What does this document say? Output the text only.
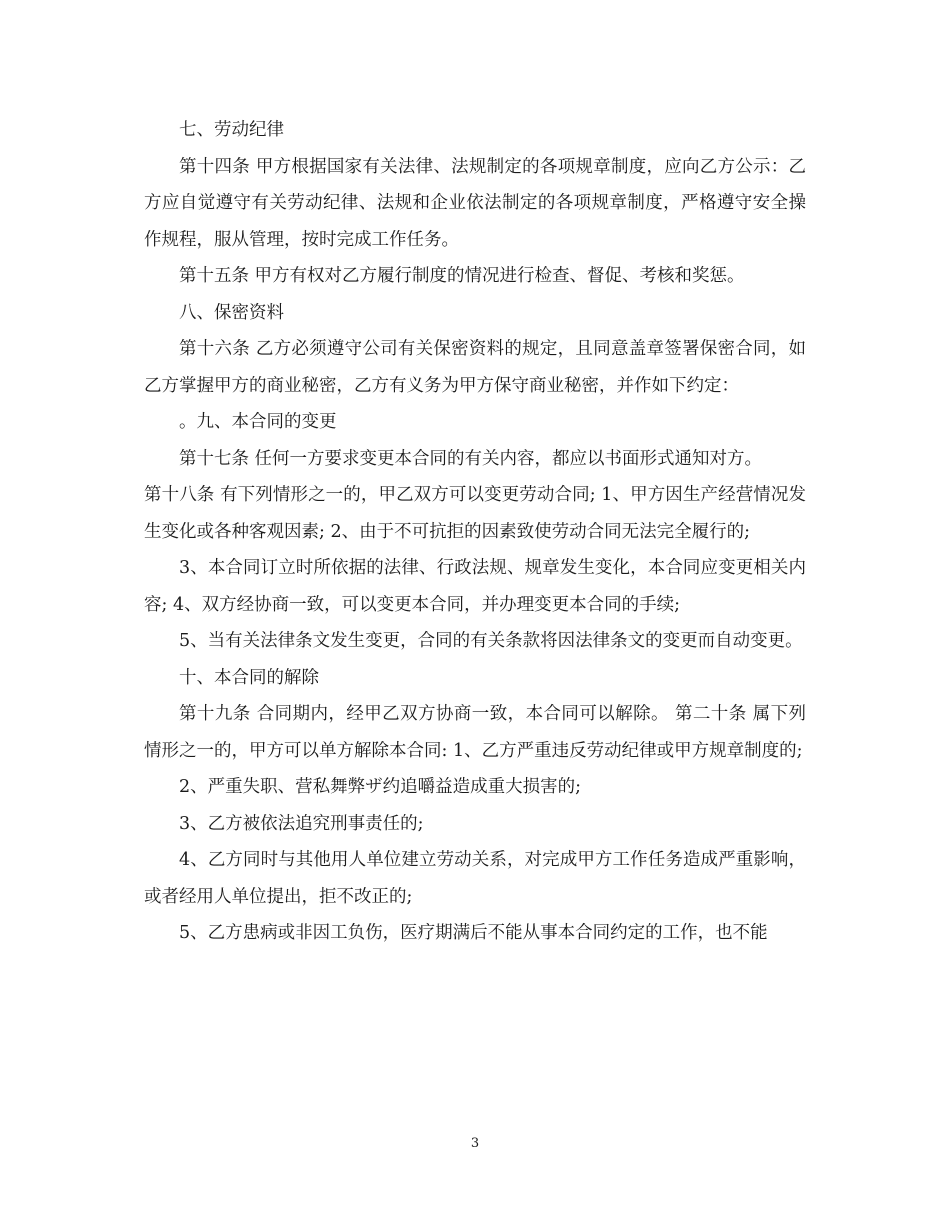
七、劳动纪律

第十四条 甲方根据国家有关法律、法规制定的各项规章制度，应向乙方公示：乙方应自觉遵守有关劳动纪律、法规和企业依法制定的各项规章制度，严格遵守安全操作规程，服从管理，按时完成工作任务。

第十五条 甲方有权对乙方履行制度的情况进行检查、督促、考核和奖惩。

八、保密资料

第十六条 乙方必须遵守公司有关保密资料的规定，且同意盖章签署保密合同，如乙方掌握甲方的商业秘密，乙方有义务为甲方保守商业秘密，并作如下约定：

。九、本合同的变更

第十七条 任何一方要求变更本合同的有关内容，都应以书面形式通知对方。

第十八条 有下列情形之一的，甲乙双方可以变更劳动合同; 1、甲方因生产经营情况发生变化或各种客观因素; 2、由于不可抗拒的因素致使劳动合同无法完全履行的;

3、本合同订立时所依据的法律、行政法规、规章发生变化，本合同应变更相关内容; 4、双方经协商一致，可以变更本合同，并办理变更本合同的手续;

5、当有关法律条文发生变更，合同的有关条款将因法律条文的变更而自动变更。

十、本合同的解除

第十九条 合同期内，经甲乙双方协商一致，本合同可以解除。 第二十条 属下列情形之一的，甲方可以单方解除本合同: 1、乙方严重违反劳动纪律或甲方规章制度的;

2、严重失职、营私舞弊ザ约追嚼益造成重大损害的;

3、乙方被依法追究刑事责任的;

4、乙方同时与其他用人单位建立劳动关系，对完成甲方工作任务造成严重影响，或者经用人单位提出，拒不改正的;

5、乙方患病或非因工负伤，医疗期满后不能从事本合同约定的工作，也不能

3
